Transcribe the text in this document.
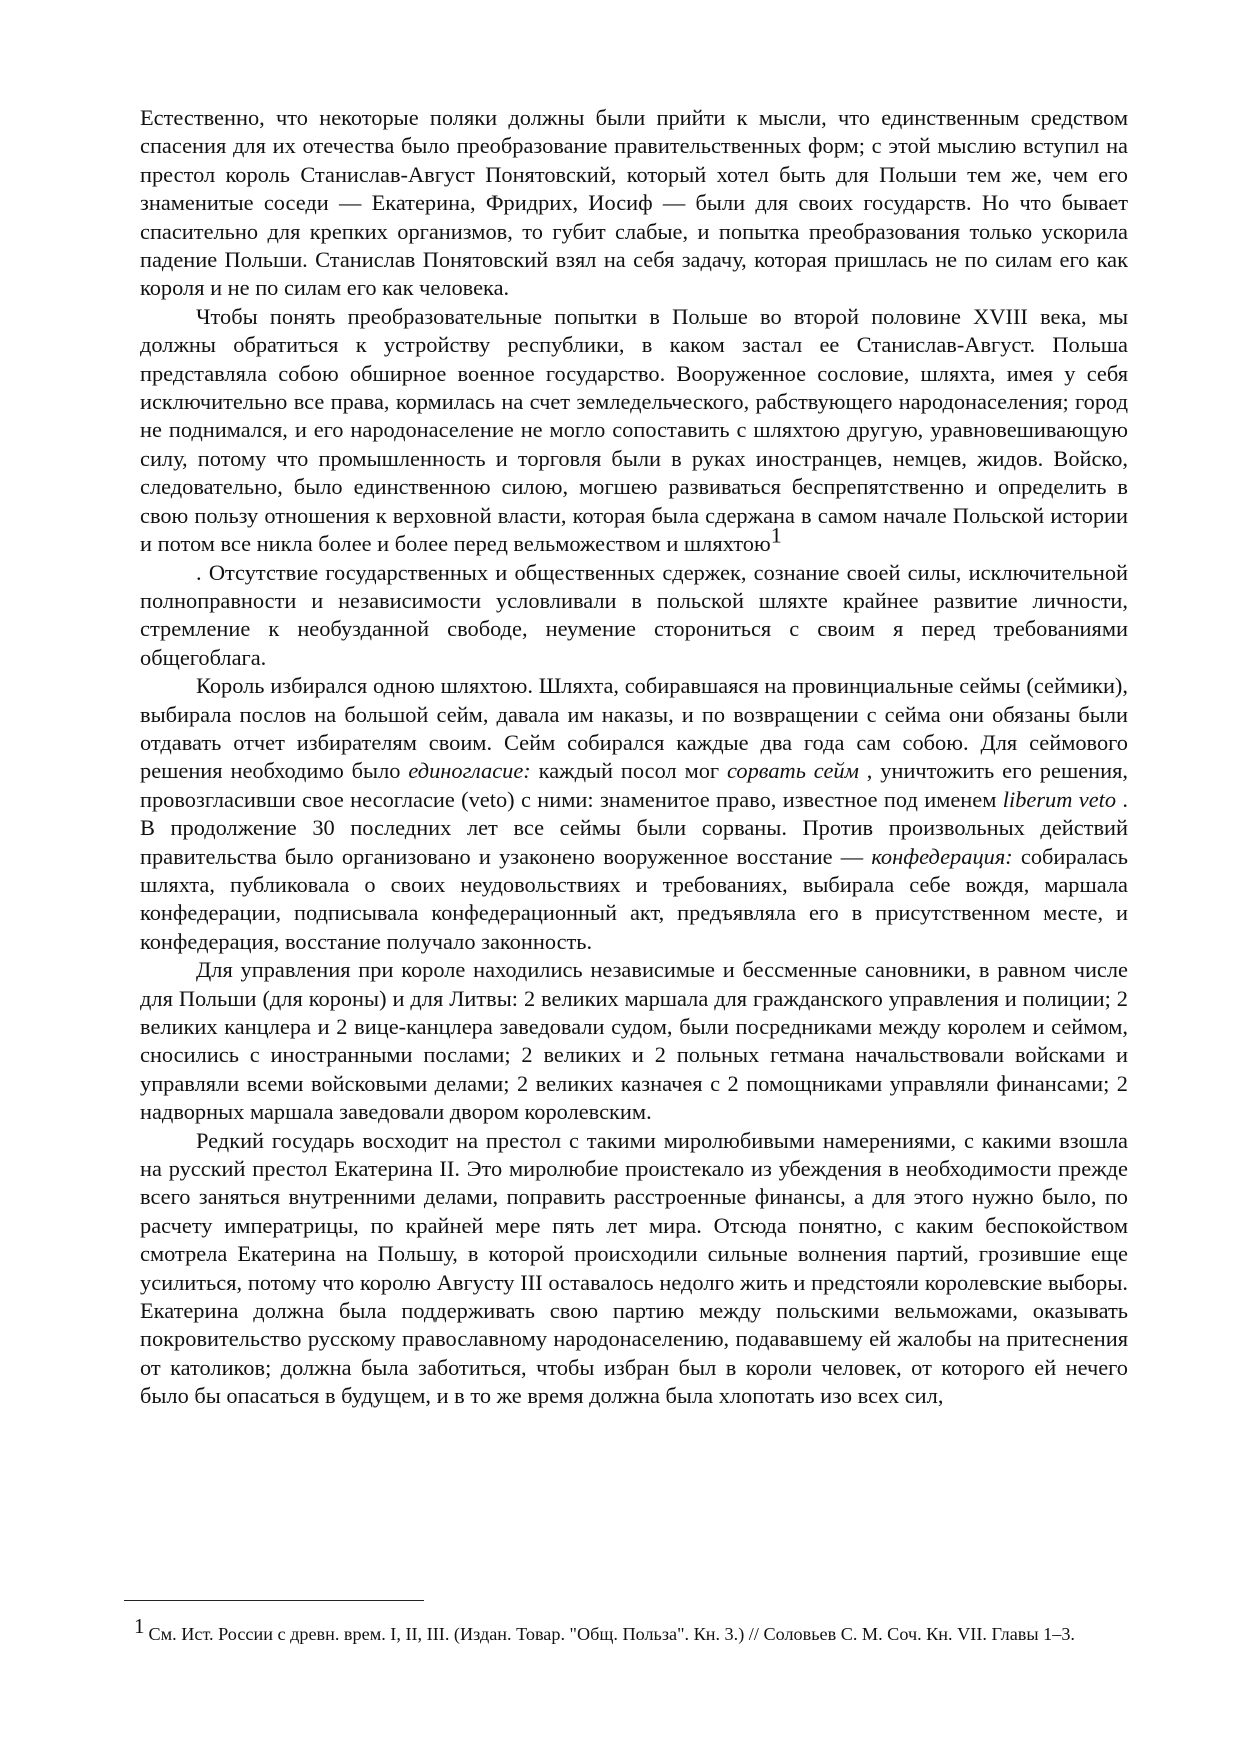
Естественно, что некоторые поляки должны были прийти к мысли, что единственным средством спасения для их отечества было преобразование правительственных форм; с этой мыслию вступил на престол король Станислав-Август Понятовский, который хотел быть для Польши тем же, чем его знаменитые соседи — Екатерина, Фридрих, Иосиф — были для своих государств. Но что бывает спасительно для крепких организмов, то губит слабые, и попытка преобразования только ускорила падение Польши. Станислав Понятовский взял на себя задачу, которая пришлась не по силам его как короля и не по силам его как человека.

Чтобы понять преобразовательные попытки в Польше во второй половине XVIII века, мы должны обратиться к устройству республики, в каком застал ее Станислав-Август. Польша представляла собою обширное военное государство. Вооруженное сословие, шляхта, имея у себя исключительно все права, кормилась на счет земледельческого, рабствующего народонаселения; город не поднимался, и его народонаселение не могло сопоставить с шляхтою другую, уравновешивающую силу, потому что промышленность и торговля были в руках иностранцев, немцев, жидов. Войско, следовательно, было единственною силою, могшею развиваться беспрепятственно и определить в свою пользу отношения к верховной власти, которая была сдержана в самом начале Польской истории и потом все никла более и более перед вельможеством и шляхтою1

. Отсутствие государственных и общественных сдержек, сознание своей силы, исключительной полноправности и независимости условливали в польской шляхте крайнее развитие личности, стремление к необузданной свободе, неумение сторониться с своим я перед требованиями общегоблага.

Король избирался одною шляхтою. Шляхта, собиравшаяся на провинциальные сеймы (сеймики), выбирала послов на большой сейм, давала им наказы, и по возвращении с сейма они обязаны были отдавать отчет избирателям своим. Сейм собирался каждые два года сам собою. Для сеймового решения необходимо было единогласие: каждый посол мог сорвать сейм , уничтожить его решения, провозгласивши свое несогласие (veto) с ними: знаменитое право, известное под именем liberum veto . В продолжение 30 последних лет все сеймы были сорваны. Против произвольных действий правительства было организовано и узаконено вооруженное восстание — конфедерация: собиралась шляхта, публиковала о своих неудовольствиях и требованиях, выбирала себе вождя, маршала конфедерации, подписывала конфедерационный акт, предъявляла его в присутственном месте, и конфедерация, восстание получало законность.

Для управления при короле находились независимые и бессменные сановники, в равном числе для Польши (для короны) и для Литвы: 2 великих маршала для гражданского управления и полиции; 2 великих канцлера и 2 вице-канцлера заведовали судом, были посредниками между королем и сеймом, сносились с иностранными послами; 2 великих и 2 польных гетмана начальствовали войсками и управляли всеми войсковыми делами; 2 великих казначея с 2 помощниками управляли финансами; 2 надворных маршала заведовали двором королевским.

Редкий государь восходит на престол с такими миролюбивыми намерениями, с какими взошла на русский престол Екатерина II. Это миролюбие проистекало из убеждения в необходимости прежде всего заняться внутренними делами, поправить расстроенные финансы, а для этого нужно было, по расчету императрицы, по крайней мере пять лет мира. Отсюда понятно, с каким беспокойством смотрела Екатерина на Польшу, в которой происходили сильные волнения партий, грозившие еще усилиться, потому что королю Августу III оставалось недолго жить и предстояли королевские выборы. Екатерина должна была поддерживать свою партию между польскими вельможами, оказывать покровительство русскому православному народонаселению, подававшему ей жалобы на притеснения от католиков; должна была заботиться, чтобы избран был в короли человек, от которого ей нечего было бы опасаться в будущем, и в то же время должна была хлопотать изо всех сил,

1 См. Ист. России с древн. врем. I, II, III. (Издан. Товар. "Общ. Польза". Кн. 3.) // Соловьев С. М. Соч. Кн. VII. Главы 1–3.
